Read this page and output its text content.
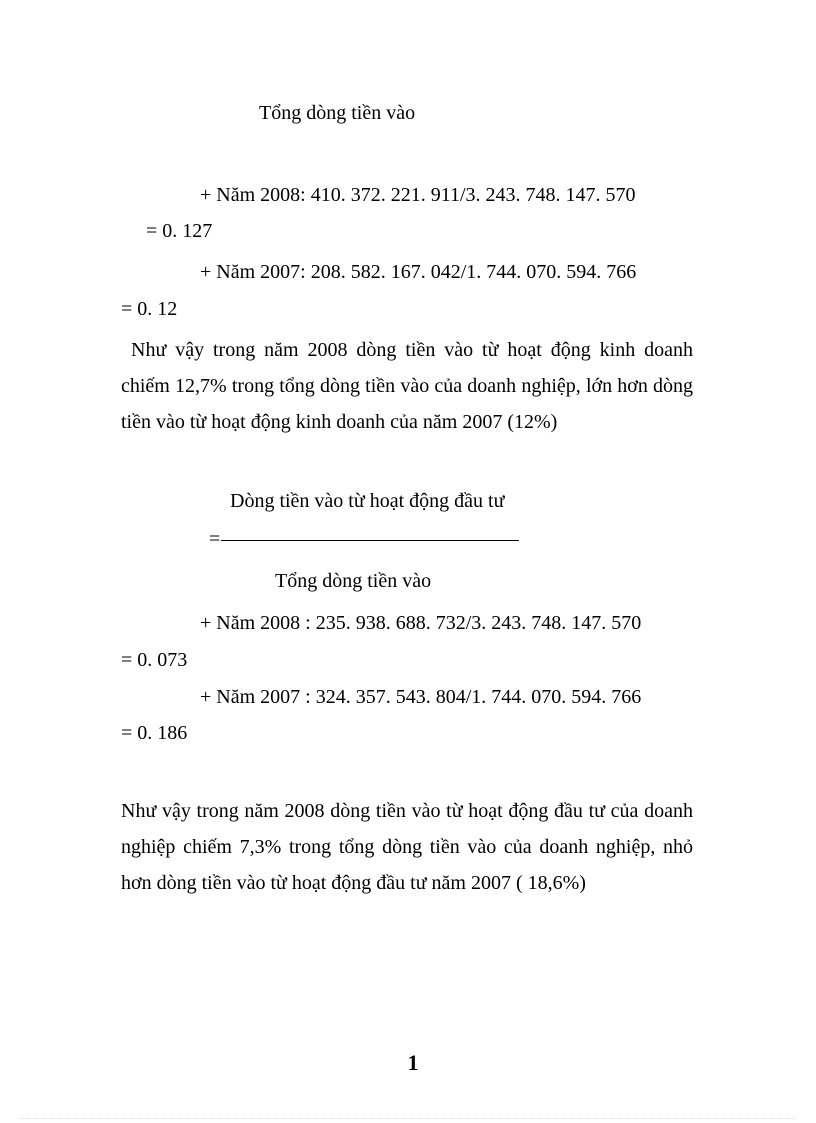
Tổng dòng tiền vào
+ Năm 2008: 410. 372. 221. 911/3. 243. 748. 147. 570
= 0. 127
+ Năm 2007: 208. 582. 167. 042/1. 744. 070. 594. 766
= 0. 12
Như vậy trong năm 2008 dòng tiền vào từ hoạt động kinh doanh chiếm 12,7% trong tổng dòng tiền vào của doanh nghiệp, lớn hơn dòng tiền vào từ hoạt động kinh doanh của năm 2007 (12%)
Dòng tiền vào từ hoạt động đầu tư
=
Tổng dòng tiền vào
+ Năm 2008 : 235. 938. 688. 732/3. 243. 748. 147. 570
= 0. 073
+ Năm 2007 : 324. 357. 543. 804/1. 744. 070. 594. 766
= 0. 186
Như vậy trong năm 2008 dòng tiền vào từ hoạt động đầu tư của doanh nghiệp chiếm 7,3% trong tổng dòng tiền vào của doanh nghiệp, nhỏ hơn dòng tiền vào từ hoạt động đầu tư năm 2007 ( 18,6%)
1
